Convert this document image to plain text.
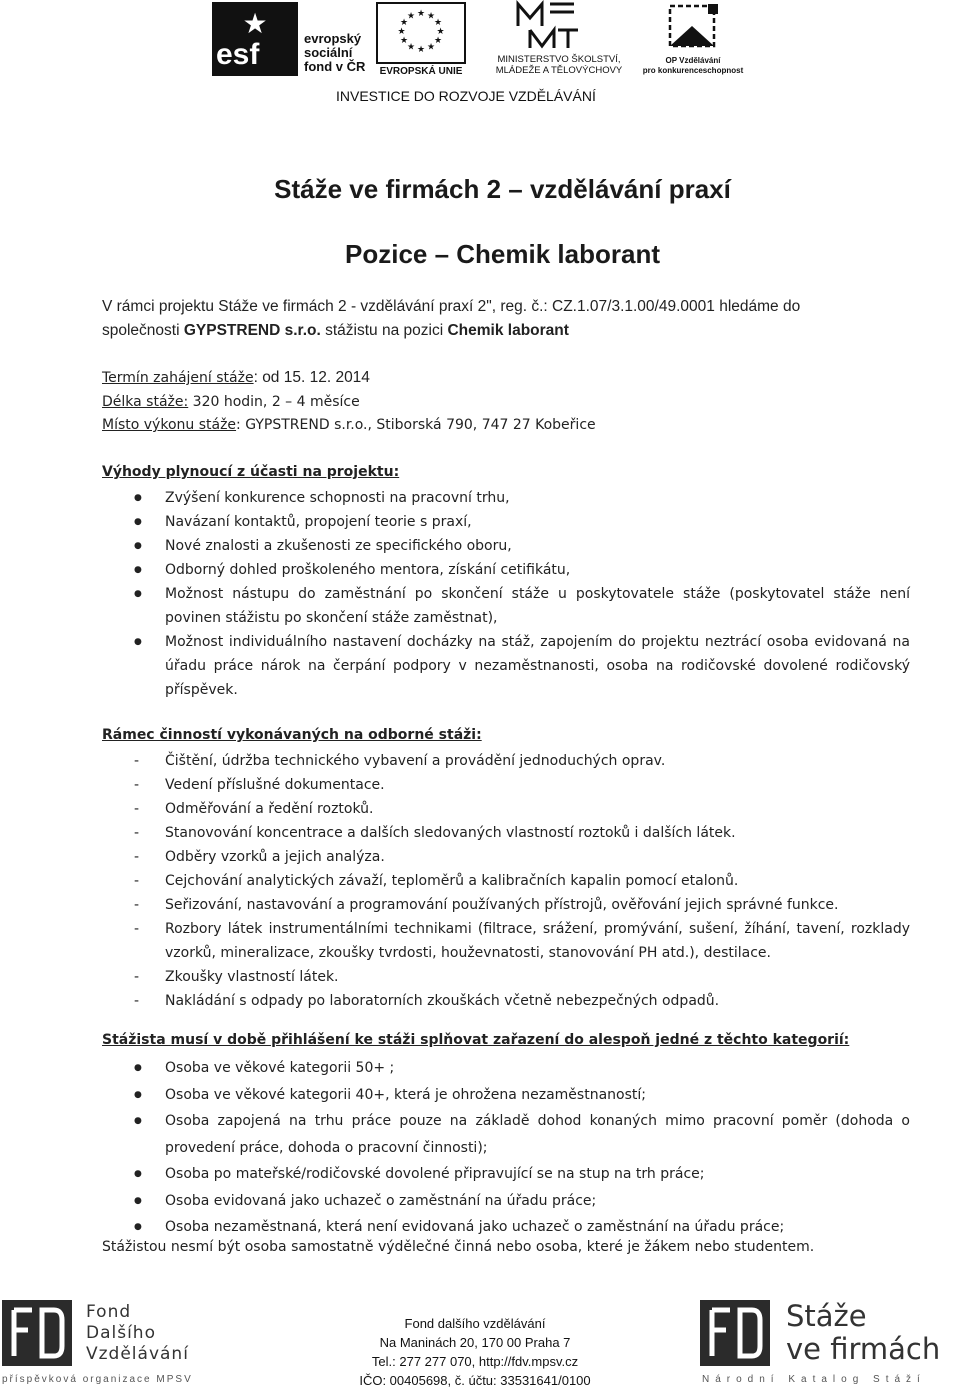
★
esf	evropský
sociální
fond v ČR
★ ★
★
★
★
★
★
★
★
★
★
★
EVROPSKÁ UNIE
MINISTERSTVO ŠKOLSTVÍ,
MLÁDEŽE A TĚLOVÝCHOVY
OP Vzdělávání
pro konkurenceschopnost
INVESTICE DO ROZVOJE VZDĚLÁVÁNÍ
Stáže ve firmách 2 – vzdělávání praxí
Pozice – Chemik laborant
V rámci projektu Stáže ve firmách 2 - vzdělávání praxí 2", reg. č.: CZ.1.07/3.1.00/49.0001 hledáme do
společnosti GYPSTREND s.r.o. stážistu na pozici Chemik laborant
Termín zahájení stáže: od 15. 12. 2014
Délka stáže: 320 hodin, 2 – 4 měsíce
Místo výkonu stáže: GYPSTREND s.r.o., Stiborská 790, 747 27 Kobeřice
Výhody plynoucí z účasti na projektu:
● Zvýšení konkurence schopnosti na pracovní trhu,
● Navázaní kontaktů, propojení teorie s praxí,
● Nové znalosti a zkušenosti ze specifického oboru,
● Odborný dohled proškoleného mentora, získání cetifikátu,
● Možnost nástupu do zaměstnání po skončení stáže u poskytovatele stáže (poskytovatel stáže není povinen stážistu po skončení stáže zaměstnat),
● Možnost individuálního nastavení docházky na stáž, zapojením do projektu neztrácí osoba evidovaná na úřadu práce nárok na čerpání podpory v nezaměstnanosti, osoba na rodičovské dovolené rodičovský příspěvek.
Rámec činností vykonávaných na odborné stáži:
- Čištění, údržba technického vybavení a provádění jednoduchých oprav.
- Vedení příslušné dokumentace.
- Odměřování a ředění roztoků.
- Stanovování koncentrace a dalších sledovaných vlastností roztoků i dalších látek.
- Odběry vzorků a jejich analýza.
- Cejchování analytických závaží, teploměrů a kalibračních kapalin pomocí etalonů.
- Seřizování, nastavování a programování používaných přístrojů, ověřování jejich správné funkce.
- Rozbory látek instrumentálními technikami (filtrace, srážení, promývání, sušení, žíhání, tavení, rozklady vzorků, mineralizace, zkoušky tvrdosti, houževnatosti, stanovování PH atd.), destilace.
- Zkoušky vlastností látek.
- Nakládání s odpady po laboratorních zkouškách včetně nebezpečných odpadů.
Stážista musí v době přihlášení ke stáži splňovat zařazení do alespoň jedné z těchto kategorií:
● Osoba ve věkové kategorii 50+ ;
● Osoba ve věkové kategorii 40+, která je ohrožena nezaměstnaností;
● Osoba zapojená na trhu práce pouze na základě dohod konaných mimo pracovní poměr (dohoda o provedení práce, dohoda o pracovní činnosti);
● Osoba po mateřské/rodičovské dovolené připravující se na stup na trh práce;
● Osoba evidovaná jako uchazeč o zaměstnání na úřadu práce;
● Osoba nezaměstnaná, která není evidovaná jako uchazeč o zaměstnání na úřadu práce;
Stážistou nesmí být osoba samostatně výdělečné činná nebo osoba, které je žákem nebo studentem.
Fond
Dalšího
Vzdělávání
příspěvková organizace MPSV
Fond dalšího vzdělávání
Na Maninách 20, 170 00 Praha 7
Tel.: 277 277 070, http://fdv.mpsv.cz
IČO: 00405698, č. účtu: 33531641/0100
Stáže
ve firmách
Národní Katalog Stáží
